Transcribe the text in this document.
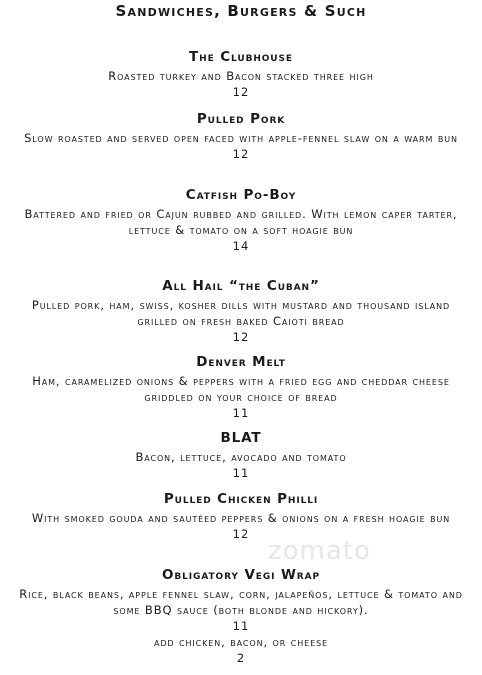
Sandwiches, Burgers & Such
The Clubhouse
Roasted turkey and Bacon stacked three high
12
Pulled Pork
Slow roasted and served open faced with apple-fennel slaw on a warm bun
12
Catfish Po-Boy
Battered and fried or Cajun rubbed and grilled. With lemon caper tarter, lettuce & tomato on a soft hoagie bun
14
All Hail “the Cuban”
Pulled pork, ham, swiss, kosher dills with mustard and thousand island grilled on fresh baked Caioti bread
12
Denver Melt
Ham, caramelized onions & peppers with a fried egg and cheddar cheese griddled on your choice of bread
11
BLAT
Bacon, lettuce, avocado and tomato
11
Pulled Chicken Philli
With smoked gouda and sautéed peppers & onions on a fresh hoagie bun
12
zomato
Obligatory Vegi Wrap
Rice, black beans, apple fennel slaw, corn, jalapeños, lettuce & tomato and some BBQ sauce (both blonde and hickory).
11
add chicken, bacon, or cheese
2
